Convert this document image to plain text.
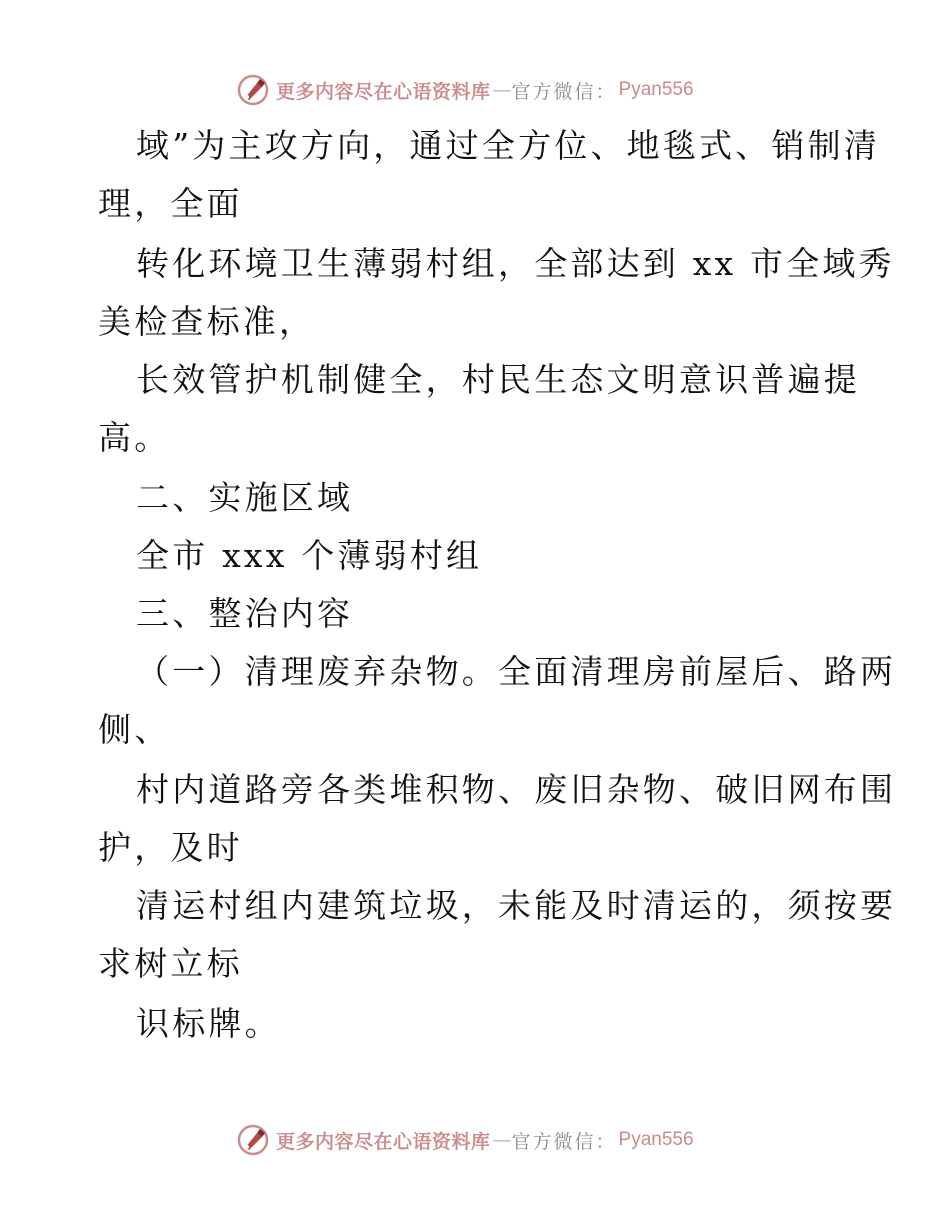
更多内容尽在心语资料库 — 官方微信： Pyan556
域”为主攻方向，通过全方位、地毯式、销制清
理，全面
转化环境卫生薄弱村组，全部达到 xx 市全域秀
美检查标准，
长效管护机制健全，村民生态文明意识普遍提
高。
二、实施区域
全市 xxx 个薄弱村组
三、整治内容
（一）清理废弃杂物。全面清理房前屋后、路两
侧、
村内道路旁各类堆积物、废旧杂物、破旧网布围
护，及时
清运村组内建筑垃圾，未能及时清运的，须按要
求树立标
识标牌。
更多内容尽在心语资料库 — 官方微信： Pyan556
